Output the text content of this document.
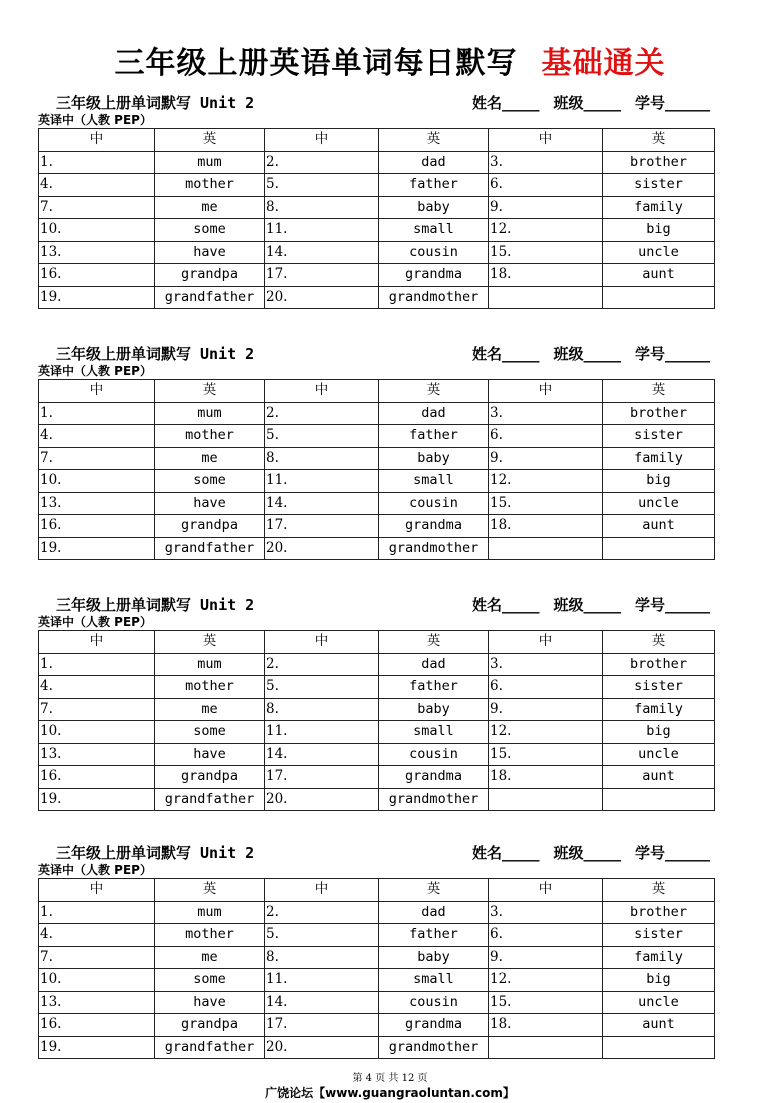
三年级上册英语单词每日默写 基础通关
三年级上册单词默写 Unit 2	姓名_____ 班级_____ 学号______
英译中（人教 PEP）
中	英	中	英	中	英
1.	mum	2.	dad	3.	brother
4.	mother	5.	father	6.	sister
7.	me	8.	baby	9.	family
10.	some	11.	small	12.	big
13.	have	14.	cousin	15.	uncle
16.	grandpa	17.	grandma	18.	aunt
19.	grandfather	20.	grandmother		
三年级上册单词默写 Unit 2	姓名_____ 班级_____ 学号______
英译中（人教 PEP）
中	英	中	英	中	英
1.	mum	2.	dad	3.	brother
4.	mother	5.	father	6.	sister
7.	me	8.	baby	9.	family
10.	some	11.	small	12.	big
13.	have	14.	cousin	15.	uncle
16.	grandpa	17.	grandma	18.	aunt
19.	grandfather	20.	grandmother		
三年级上册单词默写 Unit 2	姓名_____ 班级_____ 学号______
英译中（人教 PEP）
中	英	中	英	中	英
1.	mum	2.	dad	3.	brother
4.	mother	5.	father	6.	sister
7.	me	8.	baby	9.	family
10.	some	11.	small	12.	big
13.	have	14.	cousin	15.	uncle
16.	grandpa	17.	grandma	18.	aunt
19.	grandfather	20.	grandmother		
三年级上册单词默写 Unit 2	姓名_____ 班级_____ 学号______
英译中（人教 PEP）
中	英	中	英	中	英
1.	mum	2.	dad	3.	brother
4.	mother	5.	father	6.	sister
7.	me	8.	baby	9.	family
10.	some	11.	small	12.	big
13.	have	14.	cousin	15.	uncle
16.	grandpa	17.	grandma	18.	aunt
19.	grandfather	20.	grandmother		
第 4 页 共 12 页
广饶论坛【www.guangraoluntan.com】
